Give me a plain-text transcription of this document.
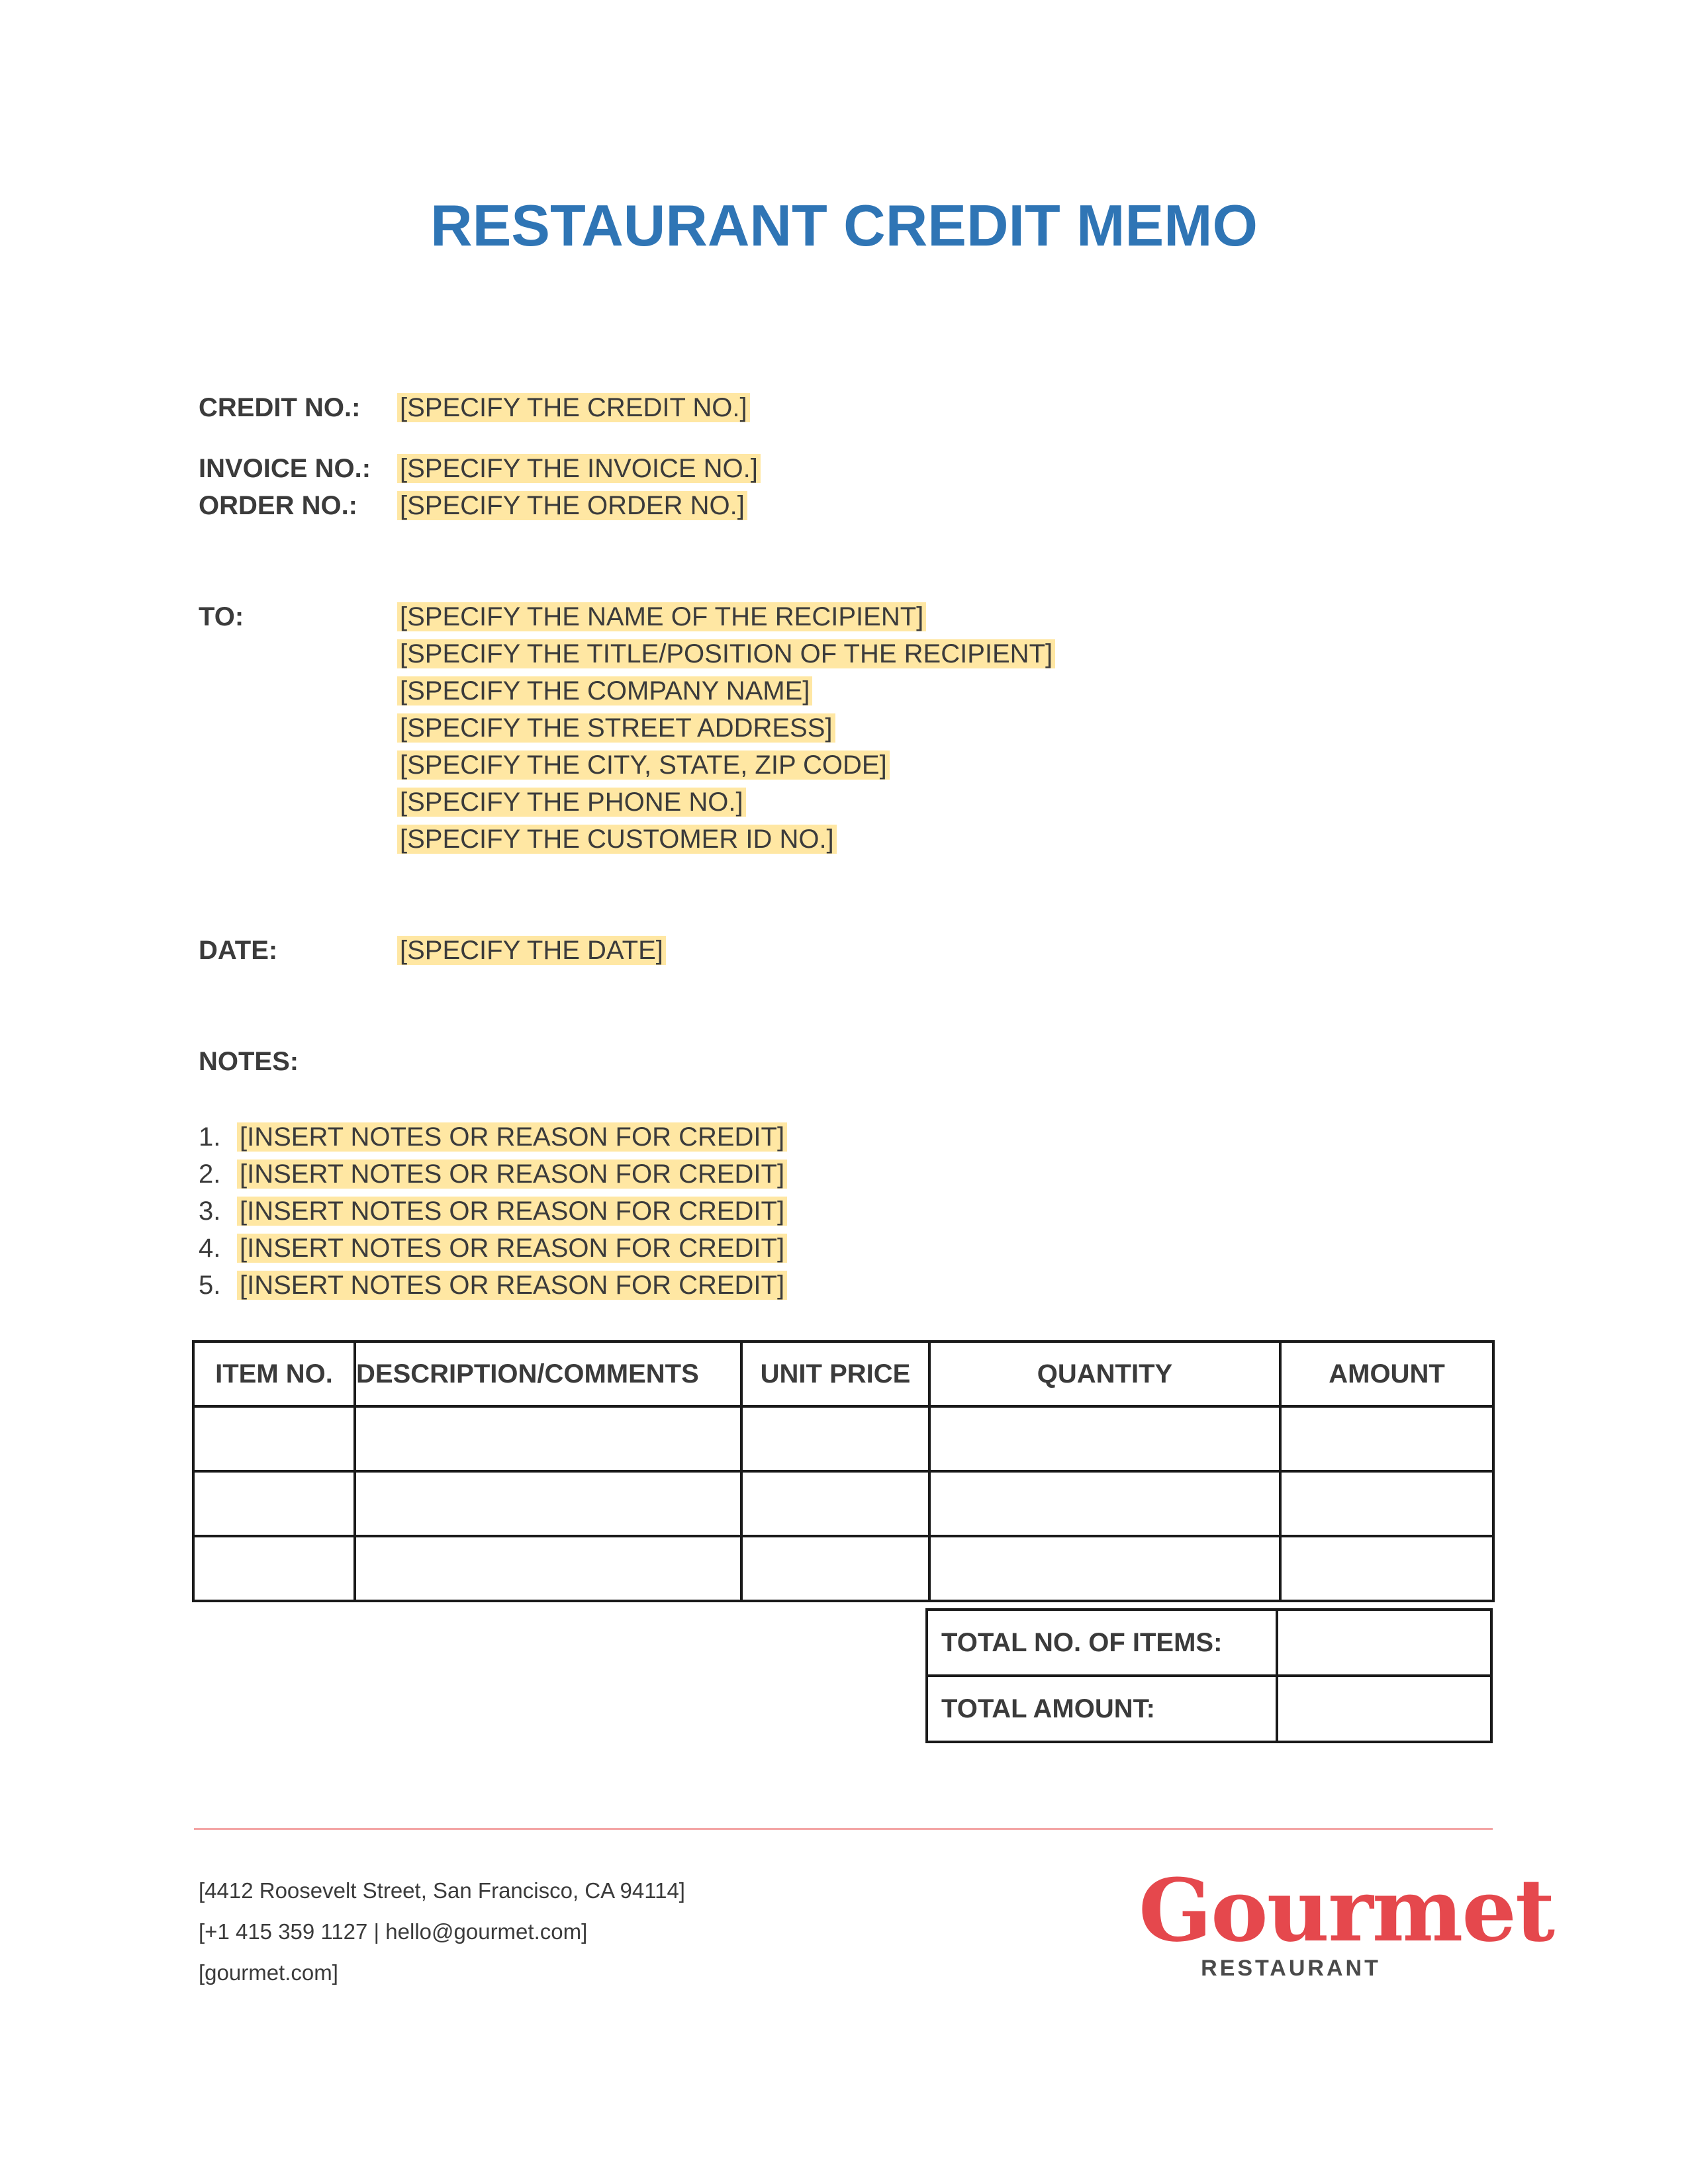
RESTAURANT CREDIT MEMO
CREDIT NO.: [SPECIFY THE CREDIT NO.]
INVOICE NO.: [SPECIFY THE INVOICE NO.]
ORDER NO.: [SPECIFY THE ORDER NO.]
TO:	[SPECIFY THE NAME OF THE RECIPIENT]
[SPECIFY THE TITLE/POSITION OF THE RECIPIENT]
[SPECIFY THE COMPANY NAME]
[SPECIFY THE STREET ADDRESS]
[SPECIFY THE CITY, STATE, ZIP CODE]
[SPECIFY THE PHONE NO.]
[SPECIFY THE CUSTOMER ID NO.]
DATE:	[SPECIFY THE DATE]
NOTES:
1. [INSERT NOTES OR REASON FOR CREDIT]
2. [INSERT NOTES OR REASON FOR CREDIT]
3. [INSERT NOTES OR REASON FOR CREDIT]
4. [INSERT NOTES OR REASON FOR CREDIT]
5. [INSERT NOTES OR REASON FOR CREDIT]
ITEM NO.	DESCRIPTION/COMMENTS	UNIT PRICE	QUANTITY	AMOUNT

TOTAL NO. OF ITEMS:	
TOTAL AMOUNT:	
[4412 Roosevelt Street, San Francisco, CA 94114]
[+1 415 359 1127 | hello@gourmet.com]
[gourmet.com]
Gourmet
RESTAURANT
